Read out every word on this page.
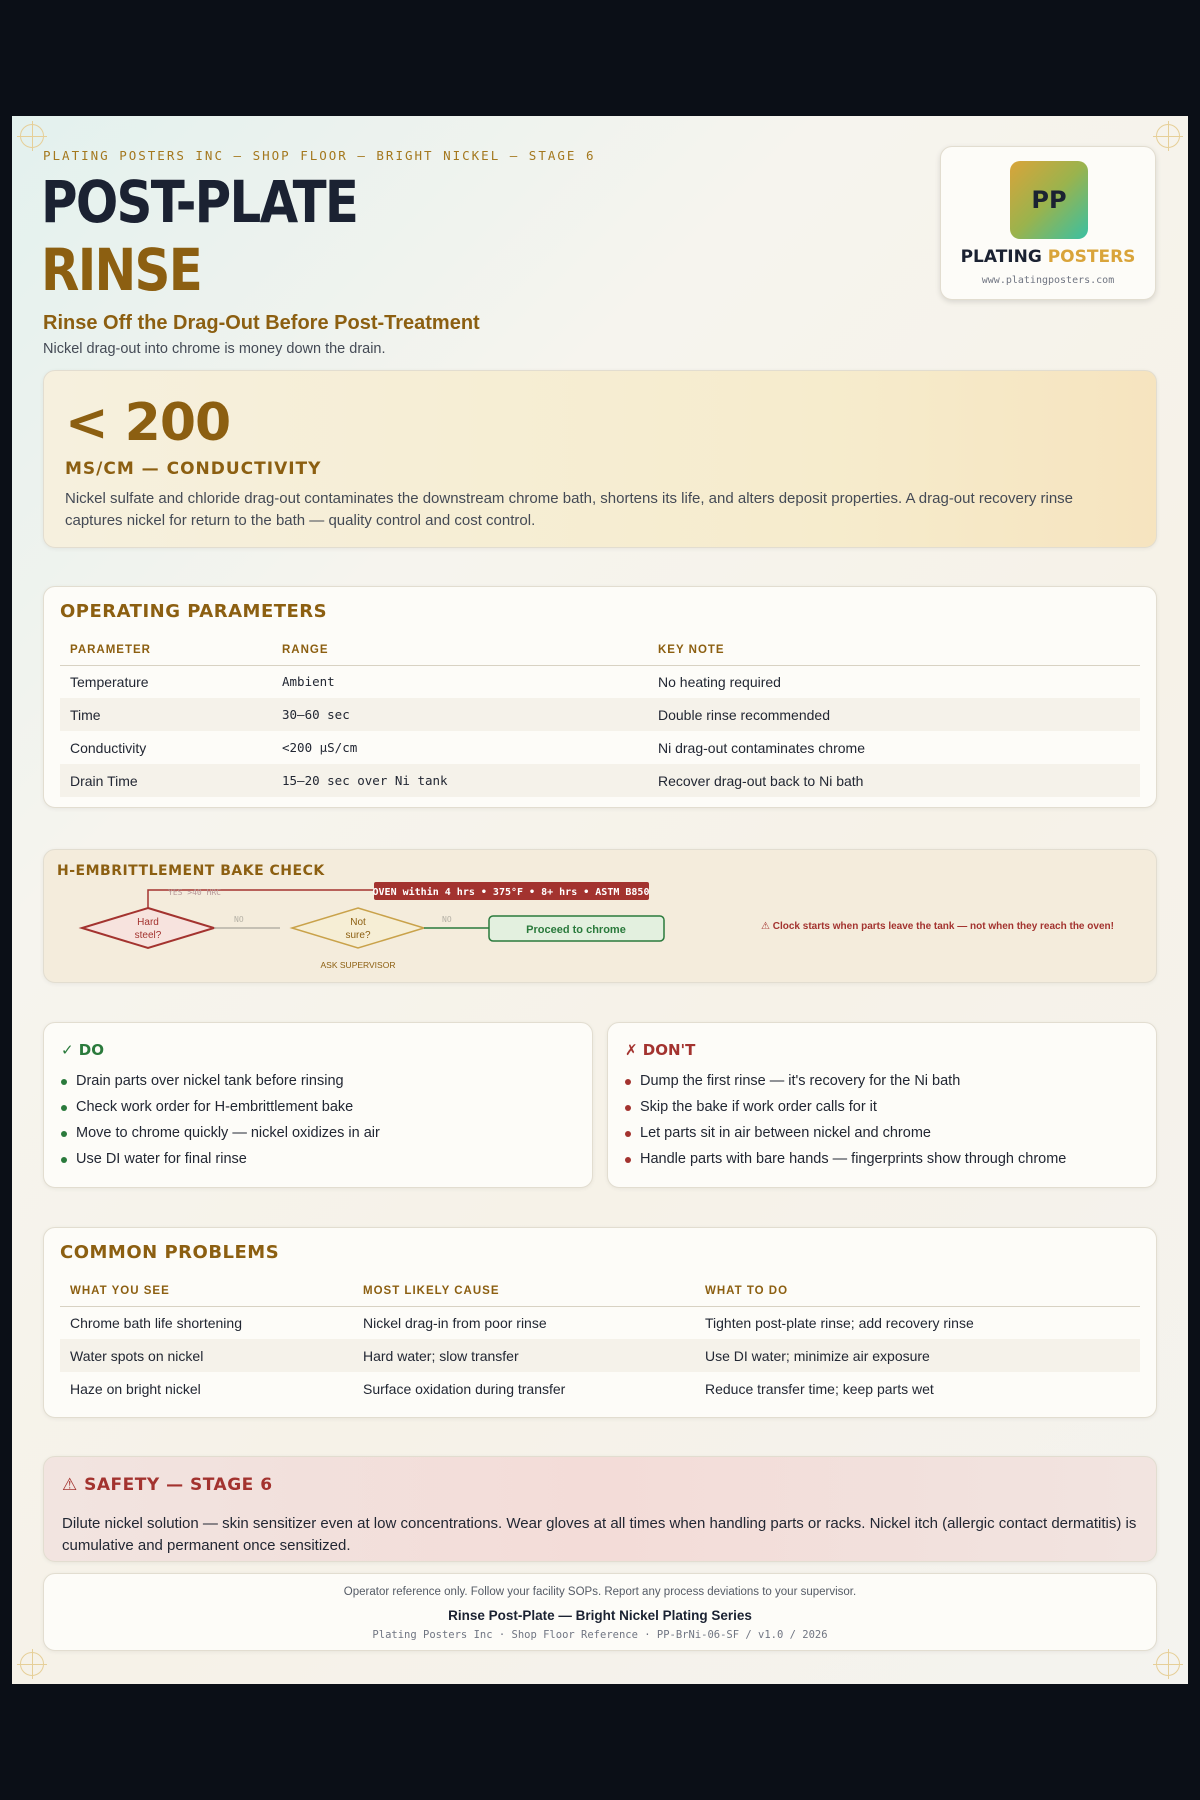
PLATING POSTERS INC — SHOP FLOOR — BRIGHT NICKEL — STAGE 6
POST-PLATE
RINSE
Rinse Off the Drag-Out Before Post-Treatment
Nickel drag-out into chrome is money down the drain.
PP
PLATING POSTERS
www.platingposters.com
< 200
MS/CM — CONDUCTIVITY
Nickel sulfate and chloride drag-out contaminates the downstream chrome bath, shortens its life, and alters deposit properties. A drag-out recovery rinse captures nickel for return to the bath — quality control and cost control.
OPERATING PARAMETERS
PARAMETER	RANGE	KEY NOTE
Temperature	Ambient	No heating required
Time	30–60 sec	Double rinse recommended
Conductivity	<200 µS/cm	Ni drag-out contaminates chrome
Drain Time	15–20 sec over Ni tank	Recover drag-out back to Ni bath
H-EMBRITTLEMENT BAKE CHECK
OVEN within 4 hrs • 375°F • 8+ hrs • ASTM B850
YES >40 HRC
Hard
steel?
NO	Not
sure?
ASK SUPERVISOR
NO
Proceed to chrome	⚠ Clock starts when parts leave the tank — not when they reach the oven!
✓ DO
Drain parts over nickel tank before rinsing
Check work order for H-embrittlement bake
Move to chrome quickly — nickel oxidizes in air
Use DI water for final rinse
✗ DON'T
Dump the first rinse — it's recovery for the Ni bath
Skip the bake if work order calls for it
Let parts sit in air between nickel and chrome
Handle parts with bare hands — fingerprints show through chrome
COMMON PROBLEMS
WHAT YOU SEE	MOST LIKELY CAUSE	WHAT TO DO
Chrome bath life shortening	Nickel drag-in from poor rinse	Tighten post-plate rinse; add recovery rinse
Water spots on nickel	Hard water; slow transfer	Use DI water; minimize air exposure
Haze on bright nickel	Surface oxidation during transfer	Reduce transfer time; keep parts wet
⚠ SAFETY — STAGE 6
Dilute nickel solution — skin sensitizer even at low concentrations. Wear gloves at all times when handling parts or racks. Nickel itch (allergic contact dermatitis) is cumulative and permanent once sensitized.
Operator reference only. Follow your facility SOPs. Report any process deviations to your supervisor.
Rinse Post-Plate — Bright Nickel Plating Series
Plating Posters Inc · Shop Floor Reference · PP-BrNi-06-SF / v1.0 / 2026
